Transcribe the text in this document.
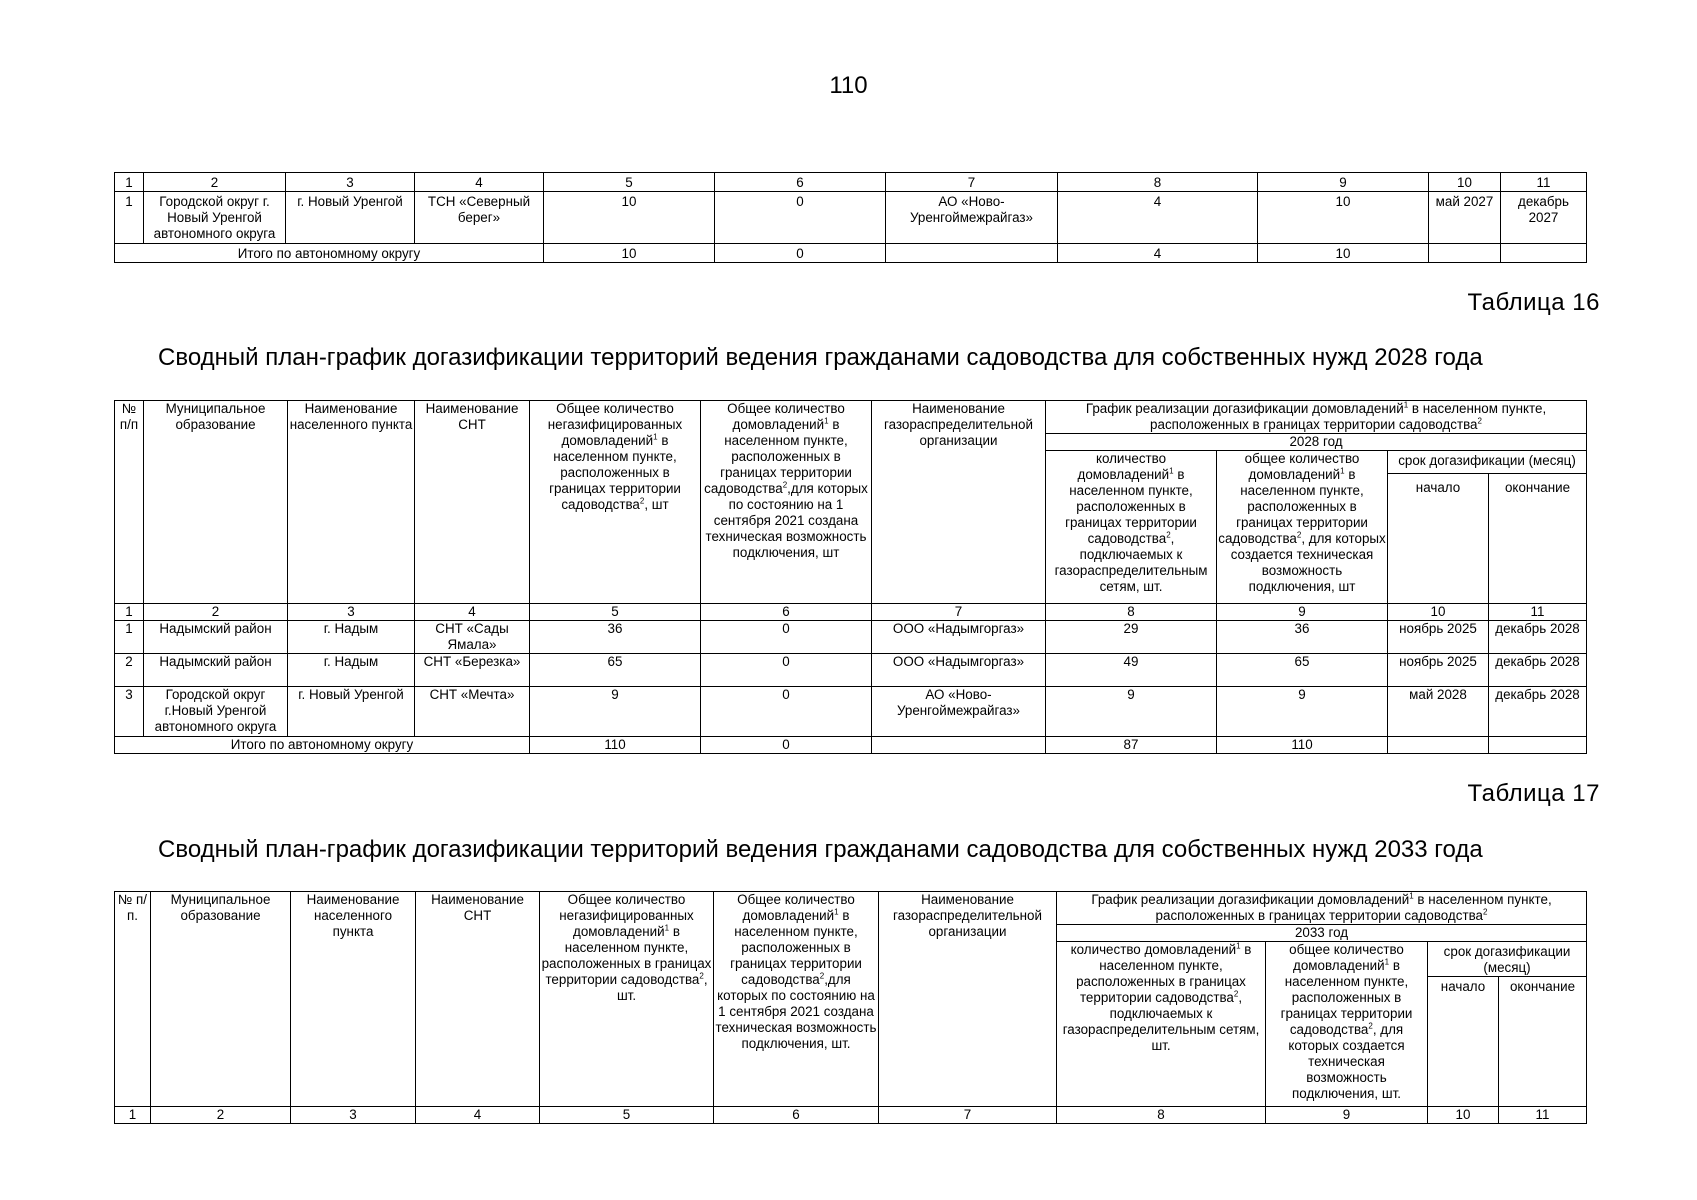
110
1	2	3	4	5	6	7	8	9	10	11
1	Городской округ г. Новый Уренгой автономного округа	г. Новый Уренгой	ТСН «Северный берег»	10	0	АО «Ново-Уренгоймежрайгаз»	4	10	май 2027	декабрь 2027
Итого по автономному округу				10	0		4	10		
Таблица 16
Сводный план-график догазификации территорий ведения гражданами садоводства для собственных нужд 2028 года
№ п/п	Муниципальное образование	Наименование населенного пункта	Наименование СНТ	Общее количество негазифицированных домовладений$^1$ в населенном пункте, расположенных в границах территории садоводства$^2$, шт	Общее количество домовладений$^1$ в населенном пункте, расположенных в границах территории садоводства$^2$,для которых по состоянию на 1 сентября 2021 создана техническая возможность подключения, шт	Наименование газораспределительной организации	График реализации догазификации домовладений$^1$ в населенном пункте, расположенных в границах территории садоводства$^2$
							2028 год			
							количество домовладений$^1$ в населенном пункте, расположенных в границах территории садоводства$^2$, подключаемых к газораспределительным сетям, шт.	общее количество домовладений$^1$ в населенном пункте, расположенных в границах территории садоводства$^2$, для которых создается техническая возможность подключения, шт	срок догазификации (месяц)	
									начало	окончание
1	2	3	4	5	6	7	8	9	10	11
1	Надымский район	г. Надым	СНТ «Сады Ямала»	36	0	ООО «Надымгоргаз»	29	36	ноябрь 2025	декабрь 2028
2	Надымский район	г. Надым	СНТ «Березка»	65	0	ООО «Надымгоргаз»	49	65	ноябрь 2025	декабрь 2028
3	Городской округ г.Новый Уренгой автономного округа	г. Новый Уренгой	СНТ «Мечта»	9	0	АО «Ново-Уренгоймежрайгаз»	9	9	май 2028	декабрь 2028
Итого по автономному округу				110	0		87	110		
Таблица 17
Сводный план-график догазификации территорий ведения гражданами садоводства для собственных нужд 2033 года
№ п/п.	Муниципальное образование	Наименование населенного пункта	Наименование СНТ	Общее количество негазифицированных домовладений$^1$ в населенном пункте, расположенных в границах территории садоводства$^2$, шт.	Общее количество домовладений$^1$ в населенном пункте, расположенных в границах территории садоводства$^2$,для которых по состоянию на 1 сентября 2021 создана техническая возможность подключения, шт.	Наименование газораспределительной организации	График реализации догазификации домовладений$^1$ в населенном пункте, расположенных в границах территории садоводства$^2$
							2033 год			
							количество домовладений$^1$ в населенном пункте, расположенных в границах территории садоводства$^2$, подключаемых к газораспределительным сетям, шт.	общее количество домовладений$^1$ в населенном пункте, расположенных в границах территории садоводства$^2$, для которых создается техническая возможность подключения, шт.	срок догазификации (месяц)	
									начало	окончание
1	2	3	4	5	6	7	8	9	10	11
